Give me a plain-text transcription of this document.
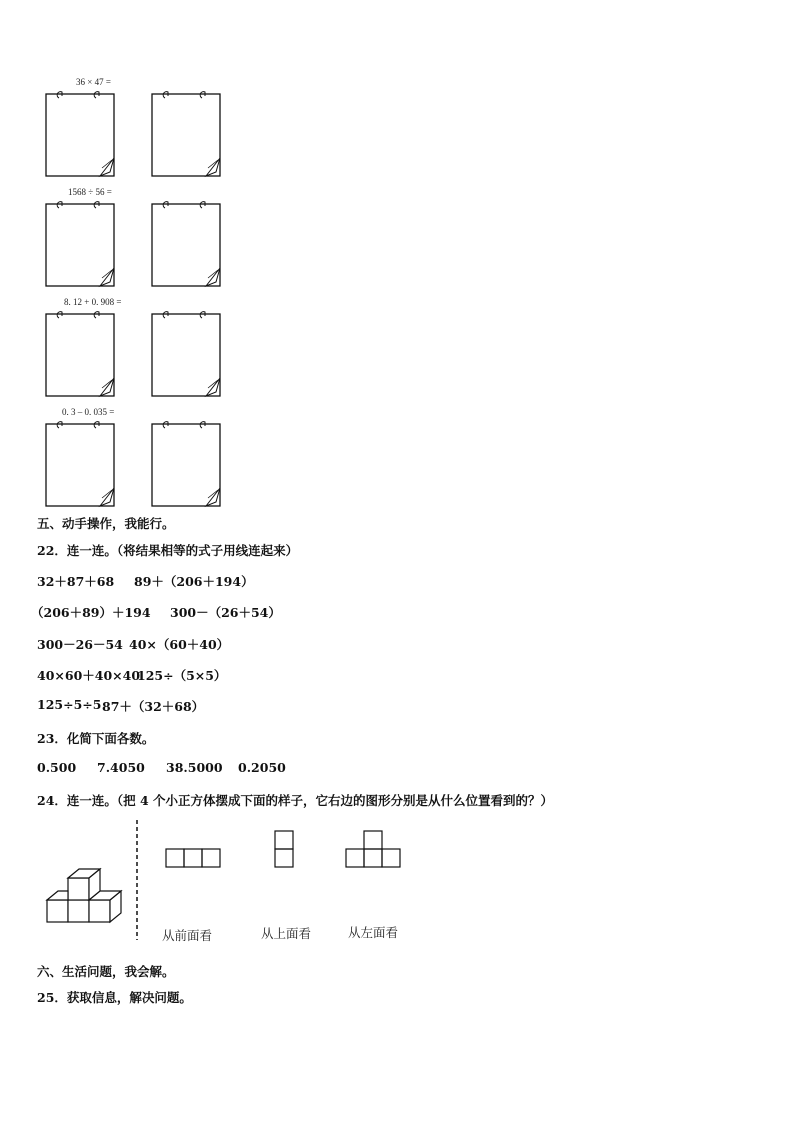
36 × 47 =
1568 ÷ 56 =
8. 12 + 0. 908 =
0. 3 – 0. 035 =
五、动手操作，我能行。
22．连一连。（将结果相等的式子用线连起来）
32＋87＋68 89＋（206＋194）
（206＋89）＋194 300－（26＋54）
300－26－54 40×（60＋40）
40×60＋40×40
125÷（5×5）
125÷5÷5 87＋（32＋68）
23．化简下面各数。
0.500 7.4050 38.5000 0.2050
24．连一连。（把 4 个小正方体摆成下面的样子，它右边的图形分别是从什么位置看到的？）
从前面看	从上面看	从左面看
六、生活问题，我会解。
25．获取信息，解决问题。
